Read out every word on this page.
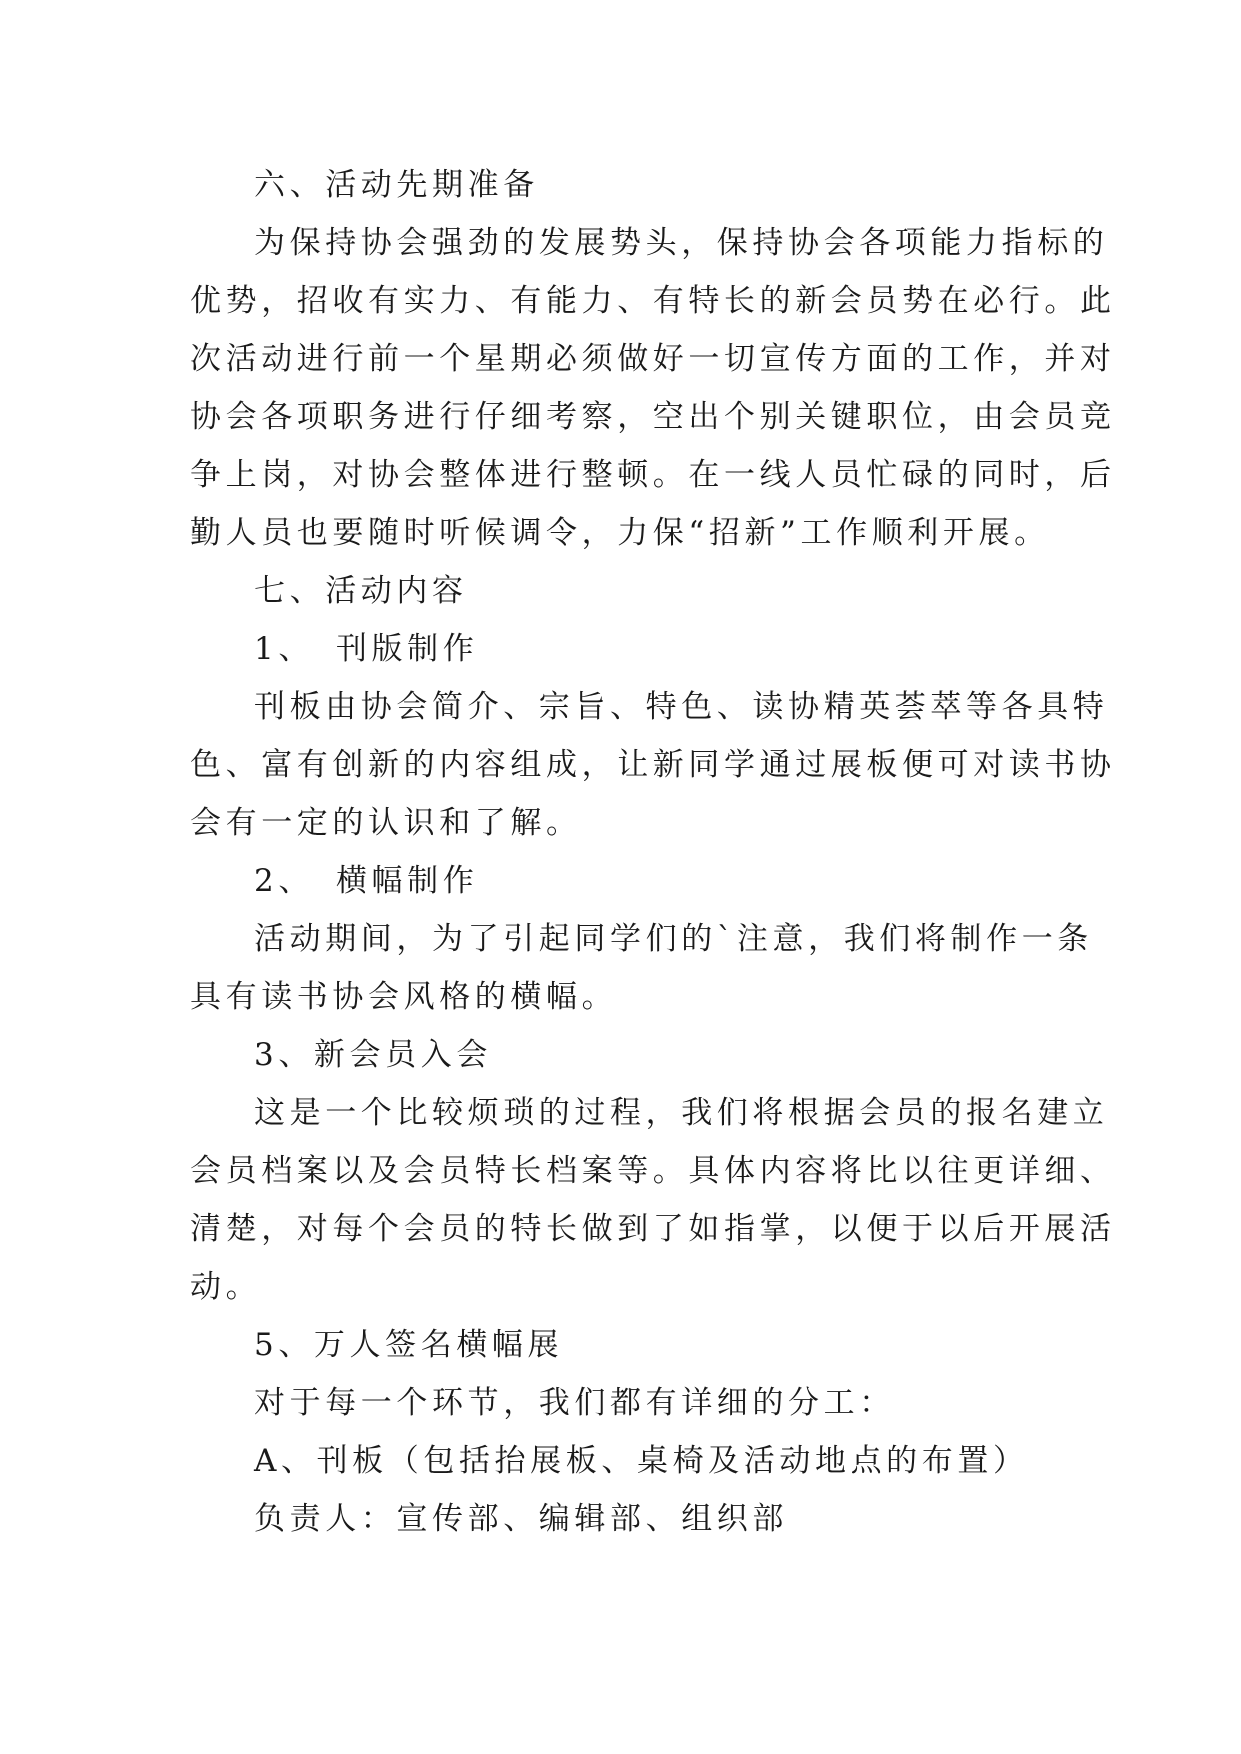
六、活动先期准备
为保持协会强劲的发展势头，保持协会各项能力指标的
优势，招收有实力、有能力、有特长的新会员势在必行。此
次活动进行前一个星期必须做好一切宣传方面的工作，并对
协会各项职务进行仔细考察，空出个别关键职位，由会员竞
争上岗，对协会整体进行整顿。在一线人员忙碌的同时，后
勤人员也要随时听候调令，力保“招新”工作顺利开展。
七、活动内容
1、 刊版制作
刊板由协会简介、宗旨、特色、读协精英荟萃等各具特
色、富有创新的内容组成，让新同学通过展板便可对读书协
会有一定的认识和了解。
2、 横幅制作
活动期间，为了引起同学们的`注意，我们将制作一条
具有读书协会风格的横幅。
3、新会员入会
这是一个比较烦琐的过程，我们将根据会员的报名建立
会员档案以及会员特长档案等。具体内容将比以往更详细、
清楚，对每个会员的特长做到了如指掌，以便于以后开展活
动。
5、万人签名横幅展
对于每一个环节，我们都有详细的分工：
A、刊板（包括抬展板、桌椅及活动地点的布置）
负责人：宣传部、编辑部、组织部
